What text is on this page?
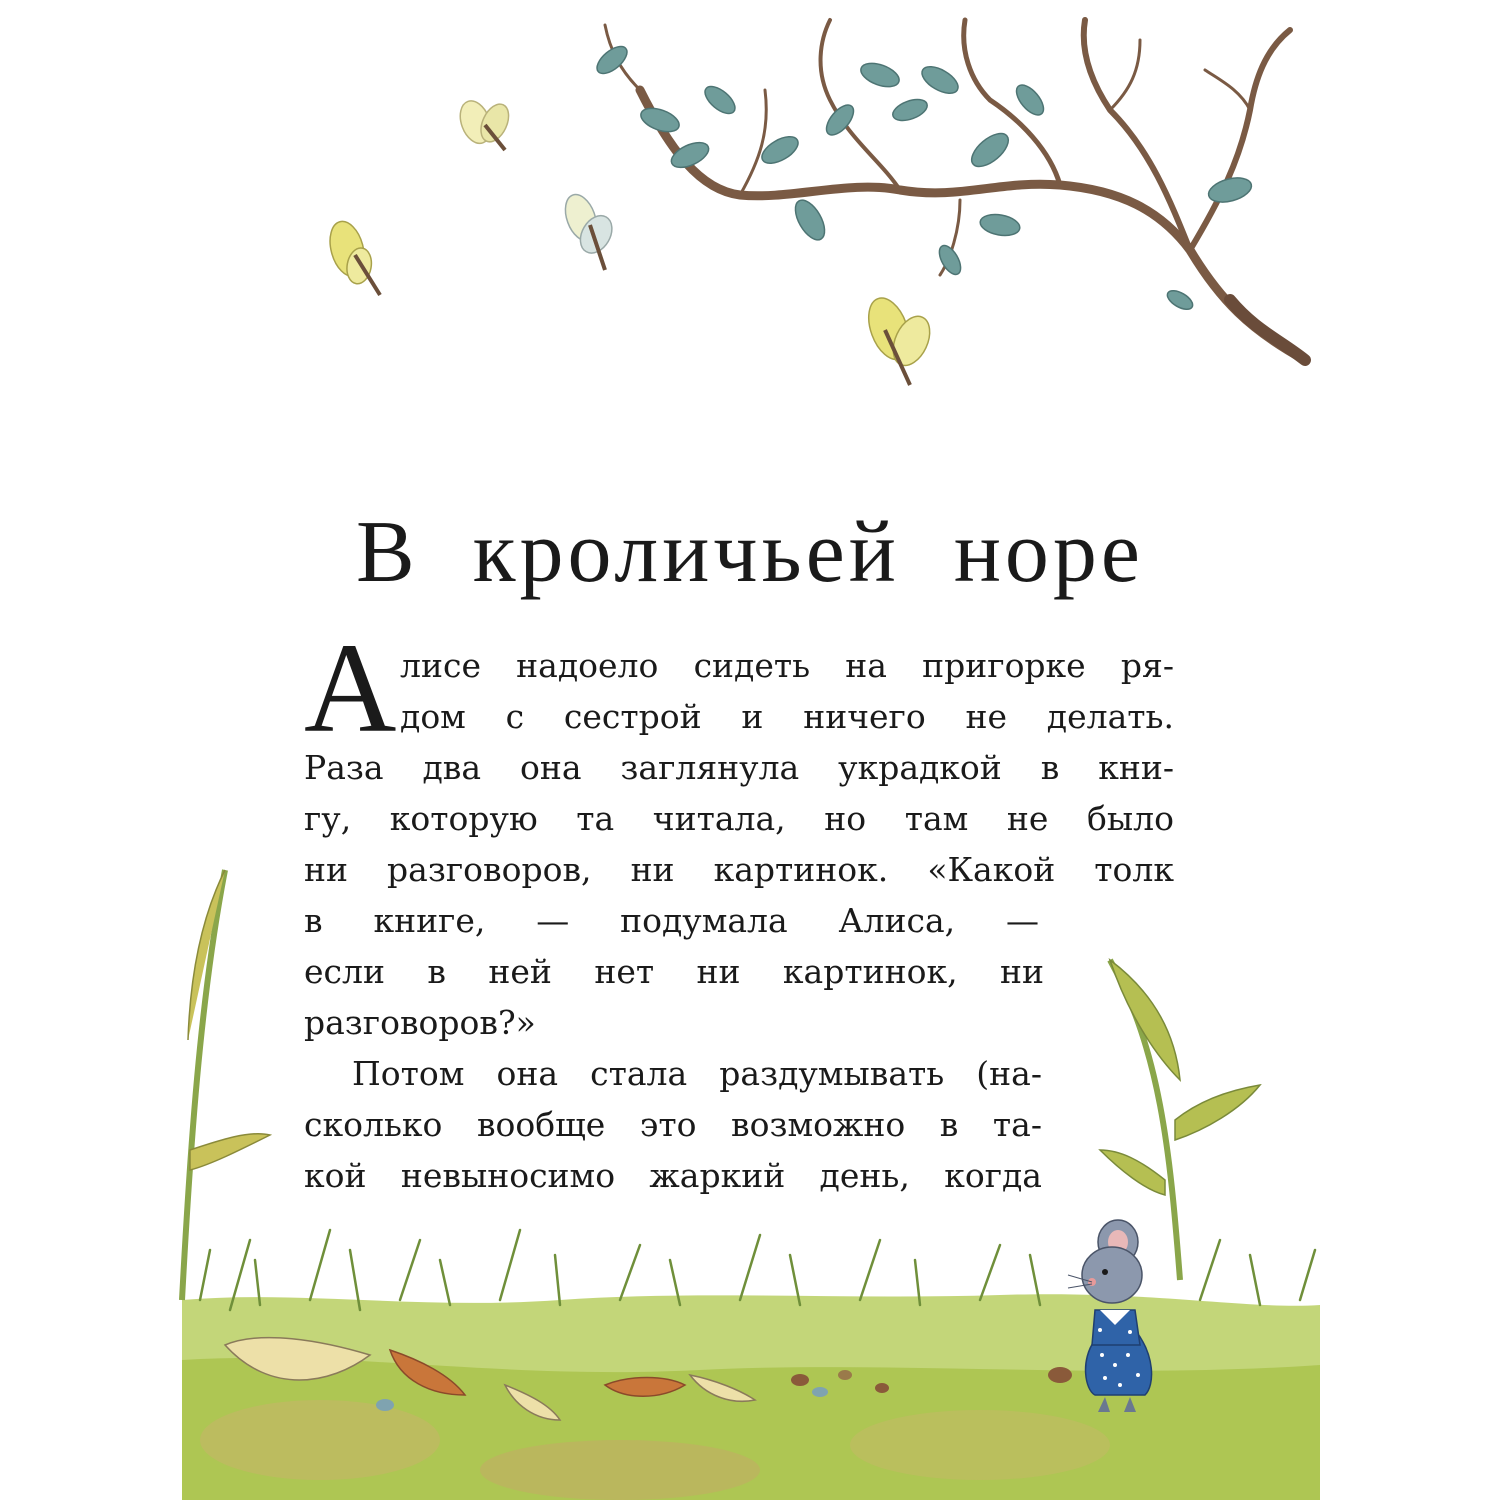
В кроличьей норе
А лисе надоело сидеть на пригорке ря-
дом с сестрой и ничего не делать.
Раза два она заглянула украдкой в кни-
гу, которую та читала, но там не было
ни разговоров, ни картинок. «Какой толк
в книге, — подумала Алиса, —
если в ней нет ни картинок, ни
разговоров?»
Потом она стала раздумывать (на-
сколько вообще это возможно в та-
кой невыносимо жаркий день, когда
